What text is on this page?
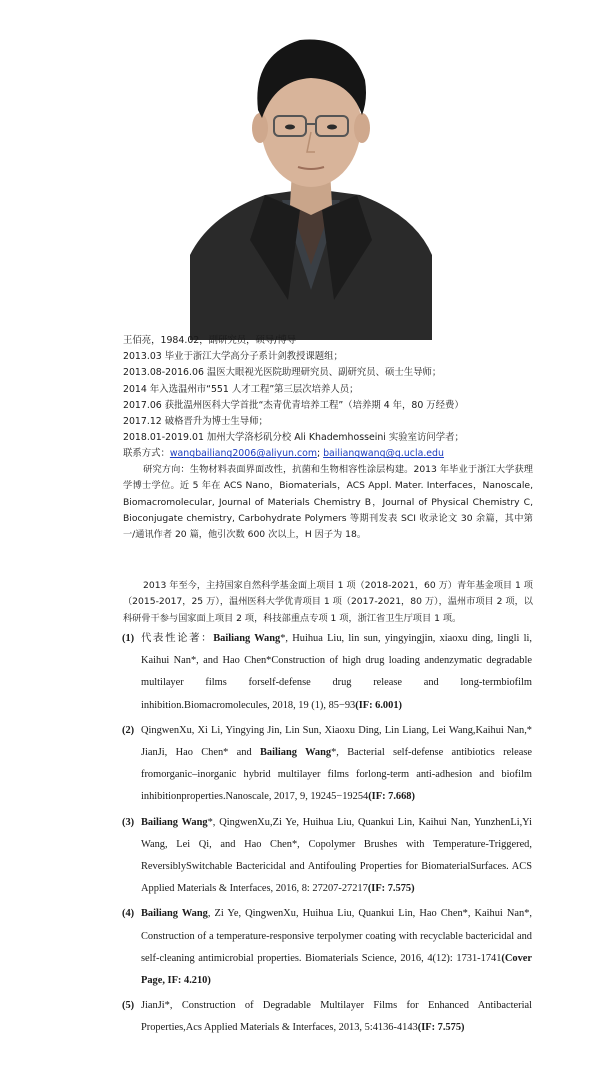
王佰亮，1984.02，副研究员，硕导/博导
2013.03 毕业于浙江大学高分子系计剑教授课题组；
2013.08-2016.06 温医大眼视光医院助理研究员、副研究员、硕士生导师；
2014 年入选温州市“551 人才工程”第三层次培养人员；
2017.06 获批温州医科大学首批“杰青优青培养工程”（培养期 4 年，80 万经费）
2017.12 破格晋升为博士生导师；
2018.01-2019.01 加州大学洛杉矶分校 Ali Khademhosseini 实验室访问学者；
联系方式：wangbailiang2006@aliyun.com; bailiangwang@g.ucla.edu
研究方向：生物材料表面界面改性，抗菌和生物相容性涂层构建。2013 年毕业于浙江大学获理学博士学位。近 5 年在 ACS Nano，Biomaterials，ACS Appl. Mater. Interfaces，Nanoscale, Biomacromolecular, Journal of Materials Chemistry B，Journal of Physical Chemistry C, Bioconjugate chemistry, Carbohydrate Polymers 等期刊发表 SCI 收录论文 30 余篇，其中第一/通讯作者 20 篇，他引次数 600 次以上，H 因子为 18。
2013 年至今，主持国家自然科学基金面上项目 1 项（2018-2021，60 万）青年基金项目 1 项（2015-2017，25 万），温州医科大学优青项目 1 项（2017-2021，80 万），温州市项目 2 项，以科研骨干参与国家面上项目 2 项，科技部重点专项 1 项，浙江省卫生厅项目 1 项。
(1) 代表性论著：Bailiang Wang*, Huihua Liu, lin sun, yingyingjin, xiaoxu ding, lingli li, Kaihui Nan*, and Hao Chen*Construction of high drug loading andenzymatic degradable multilayer films forself-defense drug release and long-termbiofilm inhibition.Biomacromolecules, 2018, 19 (1), 85−93(IF: 6.001)
(2) QingwenXu, Xi Li, Yingying Jin, Lin Sun, Xiaoxu Ding, Lin Liang, Lei Wang,Kaihui Nan,* JianJi, Hao Chen* and Bailiang Wang*, Bacterial self-defense antibiotics release fromorganic–inorganic hybrid multilayer films forlong-term anti-adhesion and biofilm inhibitionproperties.Nanoscale, 2017, 9, 19245−19254(IF: 7.668)
(3) Bailiang Wang*, QingwenXu,Zi Ye, Huihua Liu, Quankui Lin, Kaihui Nan, YunzhenLi,Yi Wang, Lei Qi, and Hao Chen*, Copolymer Brushes with Temperature-Triggered, ReversiblySwitchable Bactericidal and Antifouling Properties for BiomaterialSurfaces. ACS Applied Materials & Interfaces, 2016, 8: 27207-27217(IF: 7.575)
(4) Bailiang Wang, Zi Ye, QingwenXu, Huihua Liu, Quankui Lin, Hao Chen*, Kaihui Nan*, Construction of a temperature-responsive terpolymer coating with recyclable bactericidal and self-cleaning antimicrobial properties. Biomaterials Science, 2016, 4(12): 1731-1741(Cover Page, IF: 4.210)
(5) JianJi*, Construction of Degradable Multilayer Films for Enhanced Antibacterial Properties,Acs Applied Materials & Interfaces, 2013, 5:4136-4143(IF: 7.575)
